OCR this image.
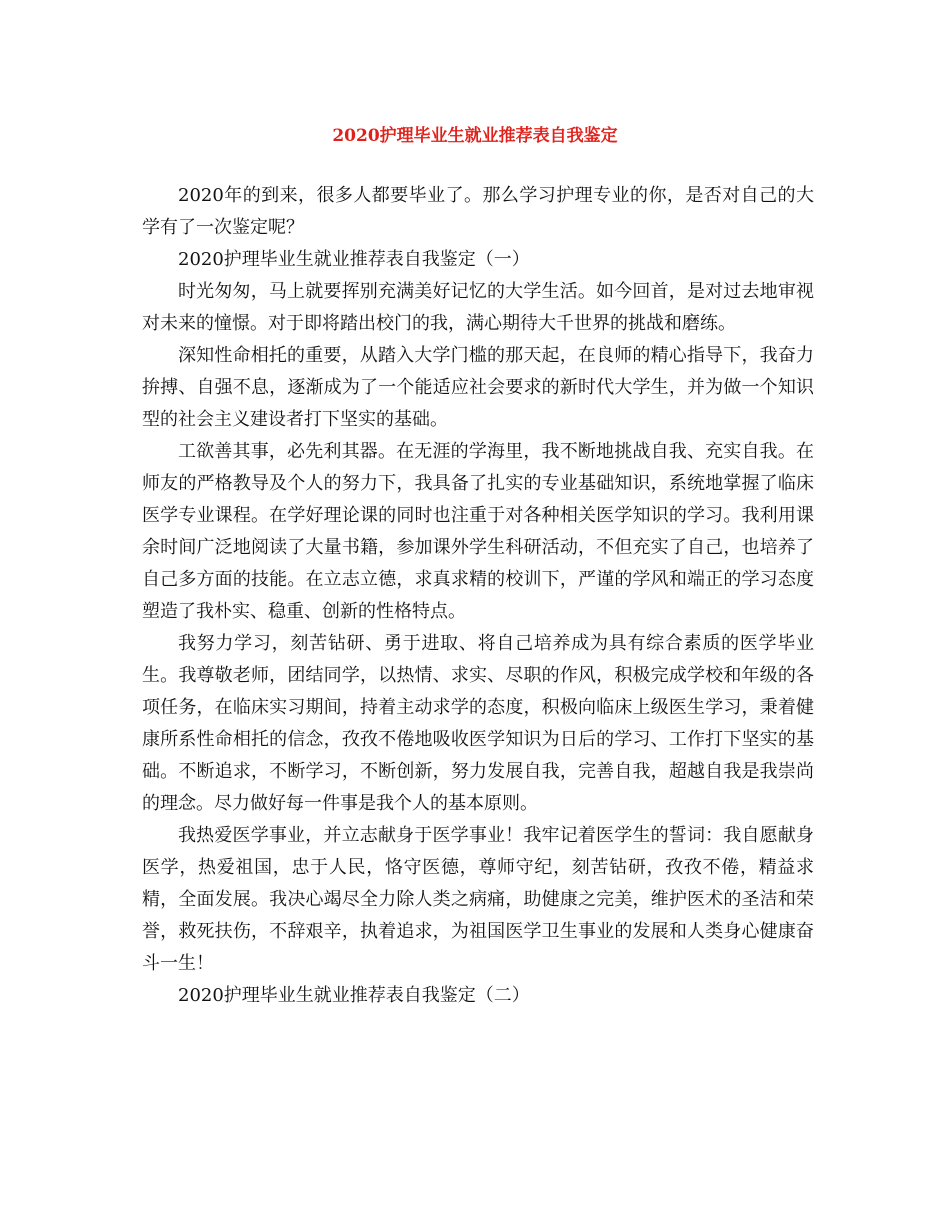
2020护理毕业生就业推荐表自我鉴定

2020年的到来，很多人都要毕业了。那么学习护理专业的你，是否对自己的大学有了一次鉴定呢？

2020护理毕业生就业推荐表自我鉴定（一）

时光匆匆，马上就要挥别充满美好记忆的大学生活。如今回首，是对过去地审视对未来的憧憬。对于即将踏出校门的我，满心期待大千世界的挑战和磨练。

深知性命相托的重要，从踏入大学门槛的那天起，在良师的精心指导下，我奋力拚搏、自强不息，逐渐成为了一个能适应社会要求的新时代大学生，并为做一个知识型的社会主义建设者打下坚实的基础。

工欲善其事，必先利其器。在无涯的学海里，我不断地挑战自我、充实自我。在师友的严格教导及个人的努力下，我具备了扎实的专业基础知识，系统地掌握了临床医学专业课程。在学好理论课的同时也注重于对各种相关医学知识的学习。我利用课余时间广泛地阅读了大量书籍，参加课外学生科研活动，不但充实了自己，也培养了自己多方面的技能。在立志立德，求真求精的校训下，严谨的学风和端正的学习态度塑造了我朴实、稳重、创新的性格特点。

我努力学习，刻苦钻研、勇于进取、将自己培养成为具有综合素质的医学毕业生。我尊敬老师，团结同学，以热情、求实、尽职的作风，积极完成学校和年级的各项任务，在临床实习期间，持着主动求学的态度，积极向临床上级医生学习，秉着健康所系性命相托的信念，孜孜不倦地吸收医学知识为日后的学习、工作打下坚实的基础。不断追求，不断学习，不断创新，努力发展自我，完善自我，超越自我是我崇尚的理念。尽力做好每一件事是我个人的基本原则。

我热爱医学事业，并立志献身于医学事业！我牢记着医学生的誓词：我自愿献身医学，热爱祖国，忠于人民，恪守医德，尊师守纪，刻苦钻研，孜孜不倦，精益求精，全面发展。我决心竭尽全力除人类之病痛，助健康之完美，维护医术的圣洁和荣誉，救死扶伤，不辞艰辛，执着追求，为祖国医学卫生事业的发展和人类身心健康奋斗一生！

2020护理毕业生就业推荐表自我鉴定（二）
